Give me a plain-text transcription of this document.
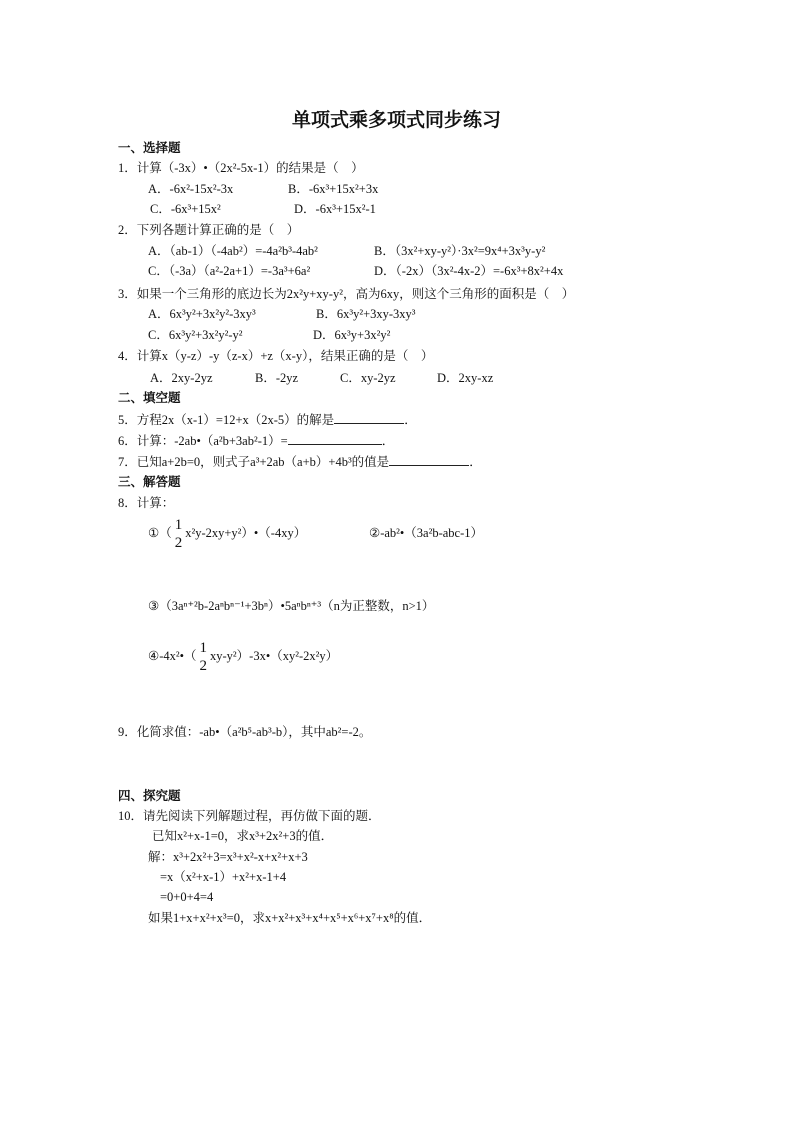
单项式乘多项式同步练习
一、选择题
1．计算（-3x）•（2x²-5x-1）的结果是（　）
A．-6x²-15x²-3x	B．-6x³+15x²+3x
C．-6x³+15x²	D．-6x³+15x²-1
2．下列各题计算正确的是（　）
A．（ab-1）（-4ab²）=-4a²b³-4ab²	B．（3x²+xy-y²）·3x²=9x⁴+3x³y-y²
C．（-3a）（a²-2a+1）=-3a³+6a²	D．（-2x）（3x²-4x-2）=-6x³+8x²+4x
3．如果一个三角形的底边长为2x²y+xy-y²，高为6xy，则这个三角形的面积是（　）
A．6x³y²+3x²y²-3xy³	B．6x³y²+3xy-3xy³
C．6x³y²+3x²y²-y²	D．6x³y+3x²y²
4．计算x（y-z）-y（z-x）+z（x-y），结果正确的是（　）
A．2xy-2yz	B．-2yz	C．xy-2yz	D．2xy-xz
二、填空题
5．方程2x（x-1）=12+x（2x-5）的解是	．
6．计算：-2ab•（a²b+3ab²-1）=	．
7．已知a+2b=0，则式子a³+2ab（a+b）+4b³的值是	．
三、解答题
8．计算：
①（ 1
2
x²y-2xy+y²）•（-4xy）	②-ab²•（3a²b-abc-1）
③（3aⁿ⁺²b-2aⁿbⁿ⁻¹+3bⁿ）•5aⁿbⁿ⁺³（n为正整数，n>1）
④-4x²•（ 1
2
xy-y²）-3x•（xy²-2x²y）
9．化简求值：-ab•（a²b⁵-ab³-b），其中ab²=-2。
四、探究题
10．请先阅读下列解题过程，再仿做下面的题．
已知x²+x-1=0，求x³+2x²+3的值．
解：x³+2x²+3=x³+x²-x+x²+x+3
=x（x²+x-1）+x²+x-1+4
=0+0+4=4
如果1+x+x²+x³=0，求x+x²+x³+x⁴+x⁵+x⁶+x⁷+x⁸的值．
